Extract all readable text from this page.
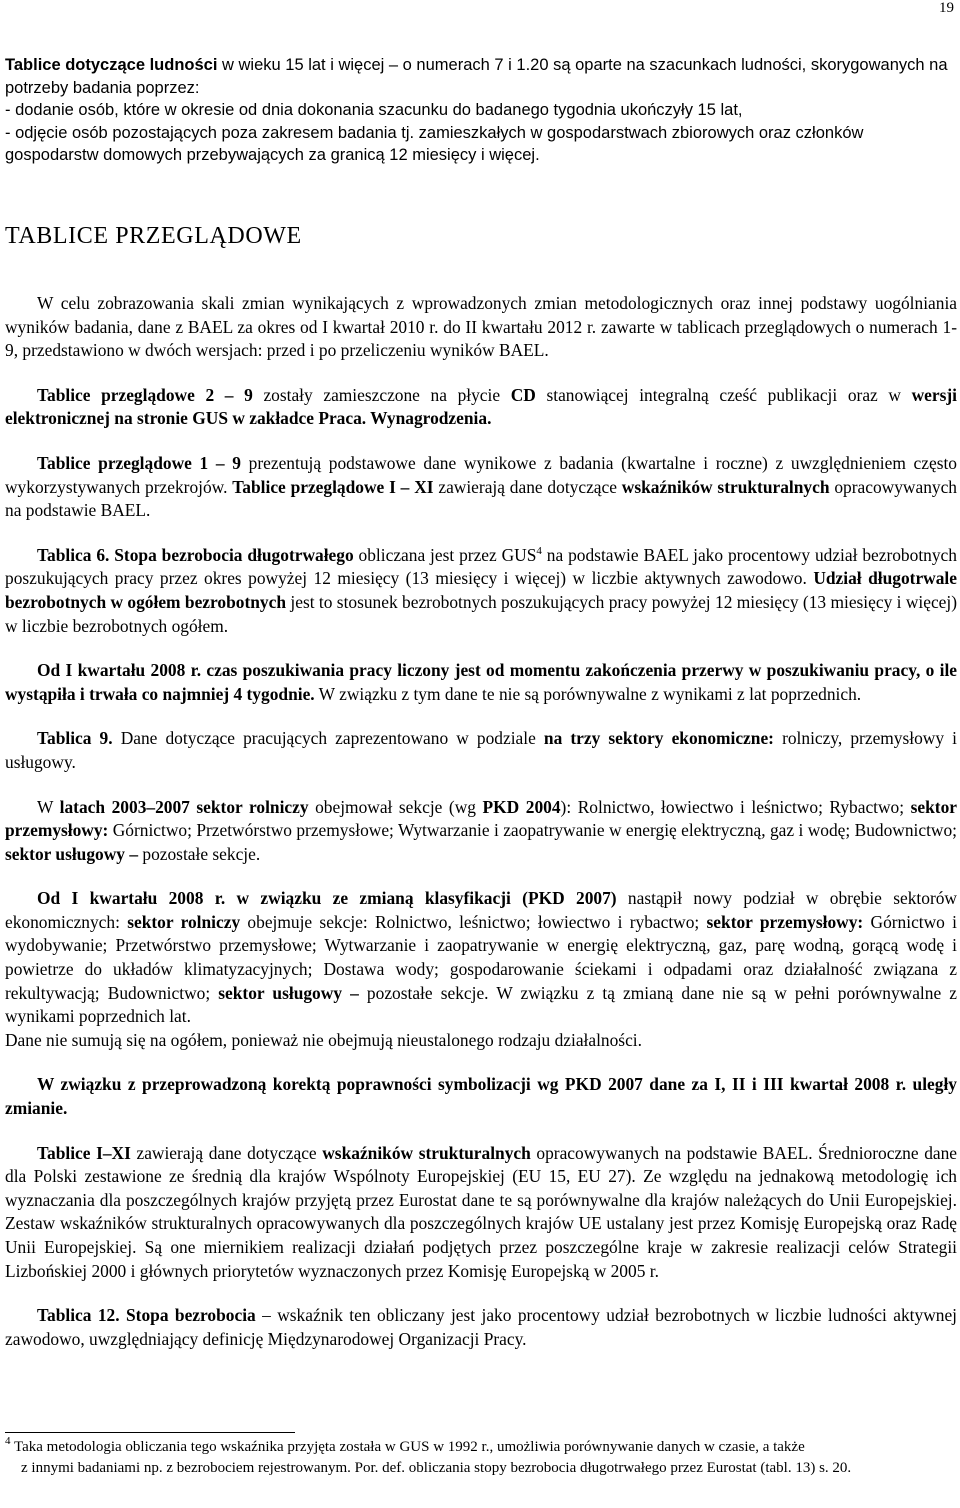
19

Tablice dotyczące ludności w wieku 15 lat i więcej – o numerach 7 i 1.20 są oparte na szacunkach ludności, skorygowanych na potrzeby badania poprzez:

- dodanie osób, które w okresie od dnia dokonania szacunku do badanego tygodnia ukończyły 15 lat,

- odjęcie osób pozostających poza zakresem badania tj. zamieszkałych w gospodarstwach zbiorowych oraz członków gospodarstw domowych przebywających za granicą 12 miesięcy i więcej.

TABLICE PRZEGLĄDOWE

W celu zobrazowania skali zmian wynikających z wprowadzonych zmian metodologicznych oraz innej podstawy uogólniania wyników badania, dane z BAEL za okres od I kwartał 2010 r. do II kwartału 2012 r. zawarte w tablicach przeglądowych o numerach 1-9, przedstawiono w dwóch wersjach: przed i po przeliczeniu wyników BAEL.

Tablice przeglądowe 2 – 9 zostały zamieszczone na płycie CD stanowiącej integralną cześć publikacji oraz w wersji elektronicznej na stronie GUS w zakładce Praca. Wynagrodzenia.

Tablice przeglądowe 1 – 9 prezentują podstawowe dane wynikowe z badania (kwartalne i roczne) z uwzględnieniem często wykorzystywanych przekrojów. Tablice przeglądowe I – XI zawierają dane dotyczące wskaźników strukturalnych opracowywanych na podstawie BAEL.

Tablica 6. Stopa bezrobocia długotrwałego obliczana jest przez GUS$^4$ na podstawie BAEL jako procentowy udział bezrobotnych poszukujących pracy przez okres powyżej 12 miesięcy (13 miesięcy i więcej) w liczbie aktywnych zawodowo. Udział długotrwale bezrobotnych w ogółem bezrobotnych jest to stosunek bezrobotnych poszukujących pracy powyżej 12 miesięcy (13 miesięcy i więcej) w liczbie bezrobotnych ogółem.

Od I kwartału 2008 r. czas poszukiwania pracy liczony jest od momentu zakończenia przerwy w poszukiwaniu pracy, o ile wystąpiła i trwała co najmniej 4 tygodnie. W związku z tym dane te nie są porównywalne z wynikami z lat poprzednich.

Tablica 9. Dane dotyczące pracujących zaprezentowano w podziale na trzy sektory ekonomiczne: rolniczy, przemysłowy i usługowy.

W latach 2003–2007 sektor rolniczy obejmował sekcje (wg PKD 2004): Rolnictwo, łowiectwo i leśnictwo; Rybactwo; sektor przemysłowy: Górnictwo; Przetwórstwo przemysłowe; Wytwarzanie i zaopatrywanie w energię elektryczną, gaz i wodę; Budownictwo; sektor usługowy – pozostałe sekcje.

Od I kwartału 2008 r. w związku ze zmianą klasyfikacji (PKD 2007) nastąpił nowy podział w obrębie sektorów ekonomicznych: sektor rolniczy obejmuje sekcje: Rolnictwo, leśnictwo; łowiectwo i rybactwo; sektor przemysłowy: Górnictwo i wydobywanie; Przetwórstwo przemysłowe; Wytwarzanie i zaopatrywanie w energię elektryczną, gaz, parę wodną, gorącą wodę i powietrze do układów klimatyzacyjnych; Dostawa wody; gospodarowanie ściekami i odpadami oraz działalność związana z rekultywacją; Budownictwo; sektor usługowy – pozostałe sekcje. W związku z tą zmianą dane nie są w pełni porównywalne z wynikami poprzednich lat.

Dane nie sumują się na ogółem, ponieważ nie obejmują nieustalonego rodzaju działalności.

W związku z przeprowadzoną korektą poprawności symbolizacji wg PKD 2007 dane za I, II i III kwartał 2008 r. uległy zmianie.

Tablice I–XI zawierają dane dotyczące wskaźników strukturalnych opracowywanych na podstawie BAEL. Średnioroczne dane dla Polski zestawione ze średnią dla krajów Wspólnoty Europejskiej (EU 15, EU 27). Ze względu na jednakową metodologię ich wyznaczania dla poszczególnych krajów przyjętą przez Eurostat dane te są porównywalne dla krajów należących do Unii Europejskiej. Zestaw wskaźników strukturalnych opracowywanych dla poszczególnych krajów UE ustalany jest przez Komisję Europejską oraz Radę Unii Europejskiej. Są one miernikiem realizacji działań podjętych przez poszczególne kraje w zakresie realizacji celów Strategii Lizbońskiej 2000 i głównych priorytetów wyznaczonych przez Komisję Europejską w 2005 r.

Tablica 12. Stopa bezrobocia – wskaźnik ten obliczany jest jako procentowy udział bezrobotnych w liczbie ludności aktywnej zawodowo, uwzględniający definicję Międzynarodowej Organizacji Pracy.

$^4$ Taka metodologia obliczania tego wskaźnika przyjęta została w GUS w 1992 r., umożliwia porównywanie danych w czasie, a także

z innymi badaniami np. z bezrobociem rejestrowanym. Por. def. obliczania stopy bezrobocia długotrwałego przez Eurostat (tabl. 13) s. 20.
